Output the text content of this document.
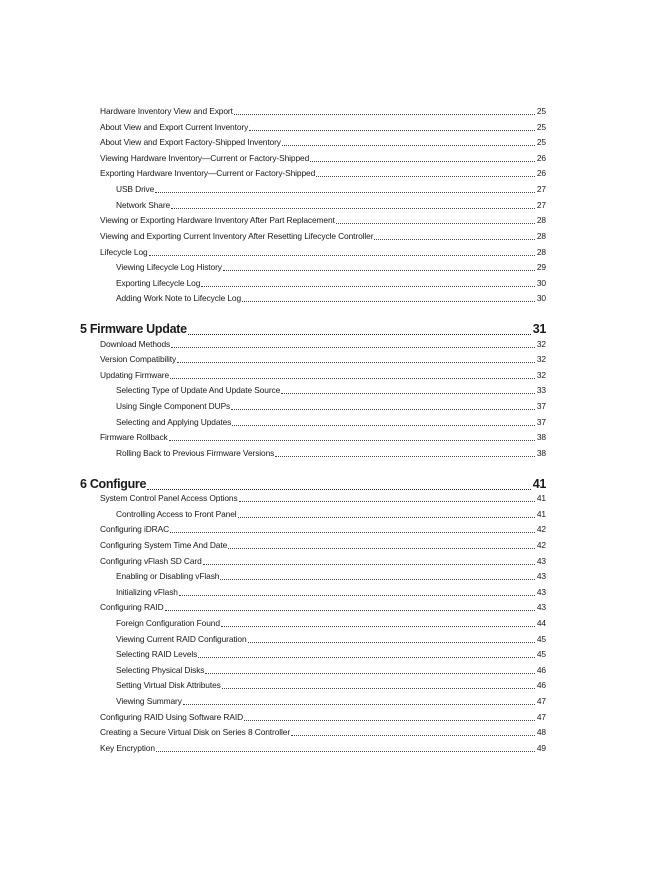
Hardware Inventory View and Export	25
About View and Export Current Inventory	25
About View and Export Factory-Shipped Inventory	25
Viewing Hardware Inventory—Current or Factory-Shipped	26
Exporting Hardware Inventory—Current or Factory-Shipped	26
USB Drive	27
Network Share	27
Viewing or Exporting Hardware Inventory After Part Replacement	28
Viewing and Exporting Current Inventory After Resetting Lifecycle Controller	28
Lifecycle Log	28
Viewing Lifecycle Log History	29
Exporting Lifecycle Log	30
Adding Work Note to Lifecycle Log	30
5 Firmware Update	31
Download Methods	32
Version Compatibility	32
Updating Firmware	32
Selecting Type of Update And Update Source	33
Using Single Component DUPs	37
Selecting and Applying Updates	37
Firmware Rollback	38
Rolling Back to Previous Firmware Versions	38
6 Configure	41
System Control Panel Access Options	41
Controlling Access to Front Panel	41
Configuring iDRAC	42
Configuring System Time And Date	42
Configuring vFlash SD Card	43
Enabling or Disabling vFlash	43
Initializing vFlash	43
Configuring RAID	43
Foreign Configuration Found	44
Viewing Current RAID Configuration	45
Selecting RAID Levels	45
Selecting Physical Disks	46
Setting Virtual Disk Attributes	46
Viewing Summary	47
Configuring RAID Using Software RAID	47
Creating a Secure Virtual Disk on Series 8 Controller	48
Key Encryption	49
